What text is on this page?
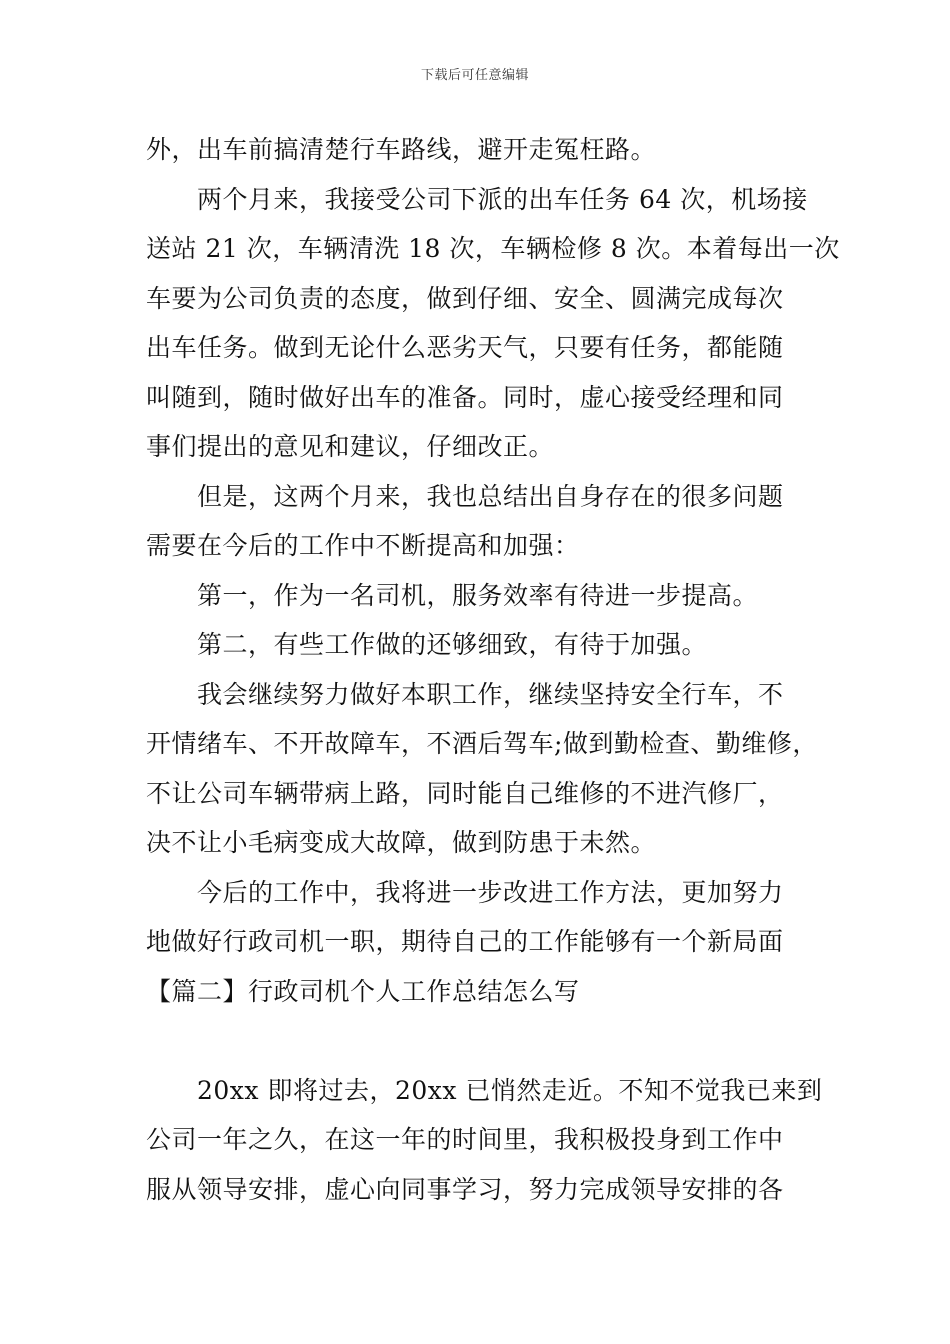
下载后可任意编辑
外，出车前搞清楚行车路线，避开走冤枉路。
两个月来，我接受公司下派的出车任务 64 次，机场接
送站 21 次，车辆清洗 18 次，车辆检修 8 次。本着每出一次
车要为公司负责的态度，做到仔细、安全、圆满完成每次
出车任务。做到无论什么恶劣天气，只要有任务，都能随
叫随到，随时做好出车的准备。同时，虚心接受经理和同
事们提出的意见和建议，仔细改正。
但是，这两个月来，我也总结出自身存在的很多问题
需要在今后的工作中不断提高和加强：
第一，作为一名司机，服务效率有待进一步提高。
第二，有些工作做的还够细致，有待于加强。
我会继续努力做好本职工作，继续坚持安全行车，不
开情绪车、不开故障车，不酒后驾车;做到勤检查、勤维修，
不让公司车辆带病上路，同时能自己维修的不进汽修厂，
决不让小毛病变成大故障，做到防患于未然。
今后的工作中，我将进一步改进工作方法，更加努力
地做好行政司机一职，期待自己的工作能够有一个新局面
【篇二】行政司机个人工作总结怎么写
20xx 即将过去，20xx 已悄然走近。不知不觉我已来到
公司一年之久，在这一年的时间里，我积极投身到工作中
服从领导安排，虚心向同事学习，努力完成领导安排的各
